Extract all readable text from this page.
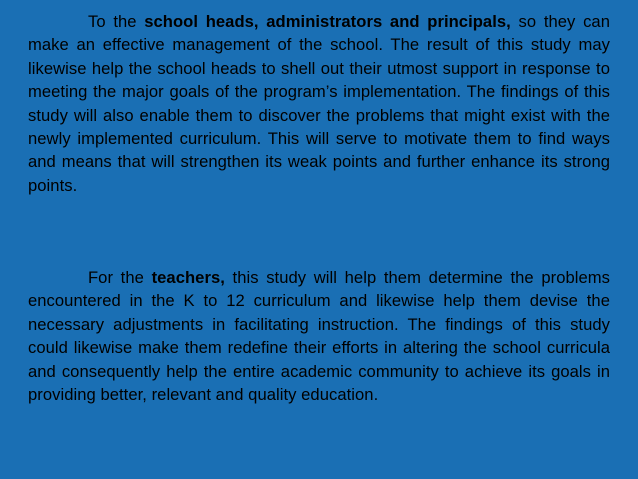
To the school heads, administrators and principals, so they can make an effective management of the school. The result of this study may likewise help the school heads to shell out their utmost support in response to meeting the major goals of the program’s implementation. The findings of this study will also enable them to discover the problems that might exist with the newly implemented curriculum. This will serve to motivate them to find ways and means that will strengthen its weak points and further enhance its strong points.

For the teachers, this study will help them determine the problems encountered in the K to 12 curriculum and likewise help them devise the necessary adjustments in facilitating instruction. The findings of this study could likewise make them redefine their efforts in altering the school curricula and consequently help the entire academic community to achieve its goals in providing better, relevant and quality education.
